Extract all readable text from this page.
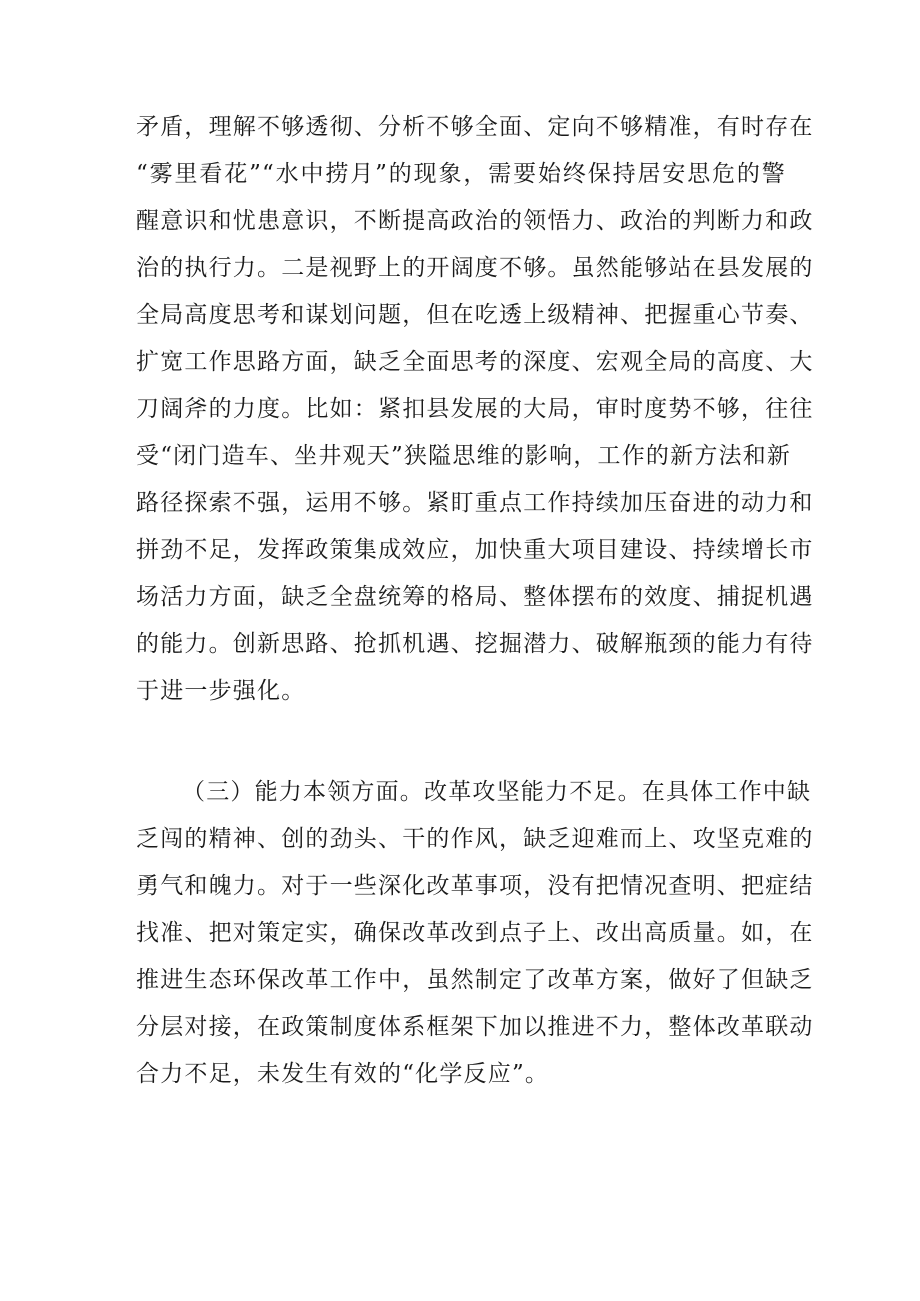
矛盾，理解不够透彻、分析不够全面、定向不够精准，有时存在
“雾里看花”“水中捞月”的现象，需要始终保持居安思危的警
醒意识和忧患意识，不断提高政治的领悟力、政治的判断力和政
治的执行力。二是视野上的开阔度不够。虽然能够站在县发展的
全局高度思考和谋划问题，但在吃透上级精神、把握重心节奏、
扩宽工作思路方面，缺乏全面思考的深度、宏观全局的高度、大
刀阔斧的力度。比如：紧扣县发展的大局，审时度势不够，往往
受“闭门造车、坐井观天”狭隘思维的影响，工作的新方法和新
路径探索不强，运用不够。紧盯重点工作持续加压奋进的动力和
拼劲不足，发挥政策集成效应，加快重大项目建设、持续增长市
场活力方面，缺乏全盘统筹的格局、整体摆布的效度、捕捉机遇
的能力。创新思路、抢抓机遇、挖掘潜力、破解瓶颈的能力有待
于进一步强化。
（三）能力本领方面。改革攻坚能力不足。在具体工作中缺
乏闯的精神、创的劲头、干的作风，缺乏迎难而上、攻坚克难的
勇气和魄力。对于一些深化改革事项，没有把情况查明、把症结
找准、把对策定实，确保改革改到点子上、改出高质量。如，在
推进生态环保改革工作中，虽然制定了改革方案，做好了但缺乏
分层对接，在政策制度体系框架下加以推进不力，整体改革联动
合力不足，未发生有效的“化学反应”。
